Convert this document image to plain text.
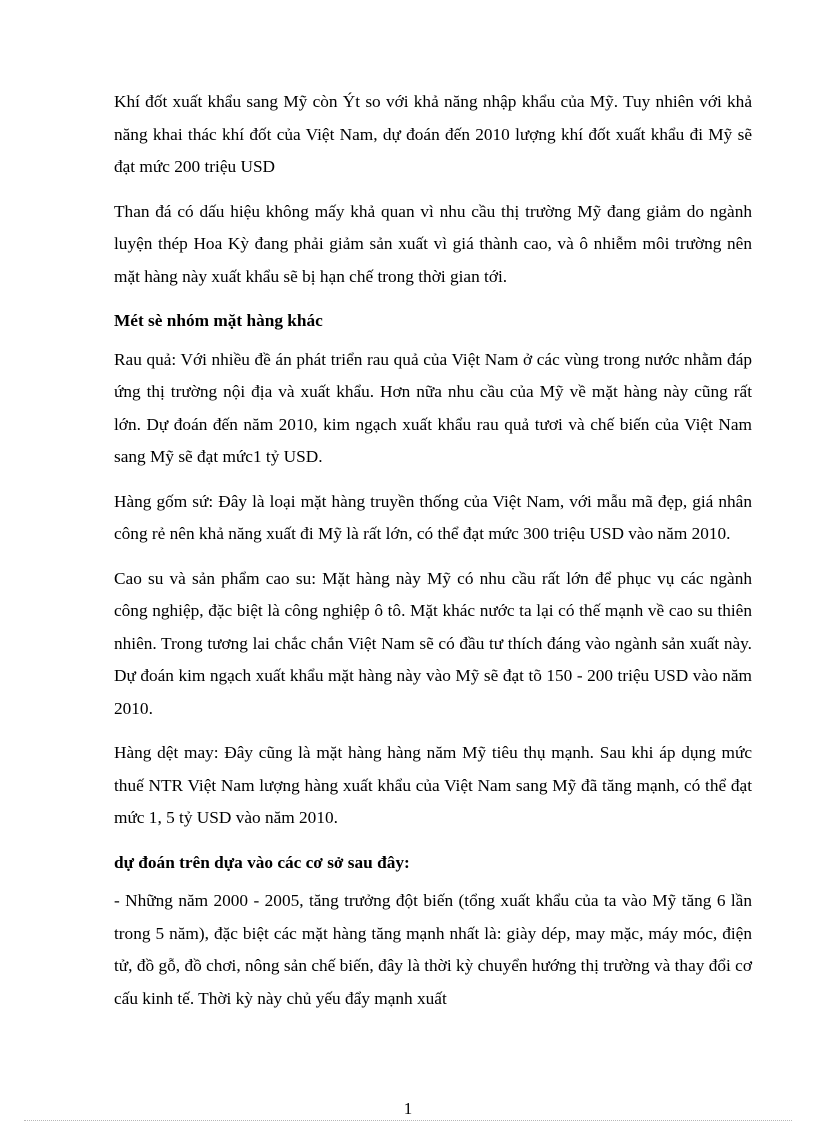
Khí đốt xuất khẩu sang Mỹ còn Ýt so với khả năng nhập khẩu của Mỹ. Tuy nhiên với khả năng khai thác khí đốt của Việt Nam, dự đoán đến 2010 lượng khí đốt xuất khẩu đi Mỹ sẽ đạt mức 200 triệu USD

Than đá có dấu hiệu không mấy khả quan vì nhu cầu thị trường Mỹ đang giảm do ngành luyện thép Hoa Kỳ đang phải giảm sản xuất vì giá thành cao, và ô nhiễm môi trường nên mặt hàng này xuất khẩu sẽ bị hạn chế trong thời gian tới.

Mét sè nhóm mặt hàng khác

Rau quả: Với nhiều đề án phát triển rau quả của Việt Nam ở các vùng trong nước nhằm đáp ứng thị trường nội địa và xuất khẩu. Hơn nữa nhu cầu của Mỹ về mặt hàng này cũng rất lớn. Dự đoán đến năm 2010, kim ngạch xuất khẩu rau quả tươi và chế biến của Việt Nam sang Mỹ sẽ đạt mức1 tỷ USD.

Hàng gốm sứ: Đây là loại mặt hàng truyền thống của Việt Nam, với mẫu mã đẹp, giá nhân công rẻ nên khả năng xuất đi Mỹ là rất lớn, có thể đạt mức 300 triệu USD vào năm 2010.

Cao su và sản phẩm cao su: Mặt hàng này Mỹ có nhu cầu rất lớn để phục vụ các ngành công nghiệp, đặc biệt là công nghiệp ô tô. Mặt khác nước ta lại có thế mạnh về cao su thiên nhiên. Trong tương lai chắc chắn Việt Nam sẽ có đầu tư thích đáng vào ngành sản xuất này. Dự đoán kim ngạch xuất khẩu mặt hàng này vào Mỹ sẽ đạt tõ 150 - 200 triệu USD vào năm 2010.

Hàng dệt may: Đây cũng là mặt hàng hàng năm Mỹ tiêu thụ mạnh. Sau khi áp dụng mức thuế NTR Việt Nam lượng hàng xuất khẩu của Việt Nam sang Mỹ đã tăng mạnh, có thể đạt mức 1, 5 tỷ USD vào năm 2010.

dự đoán trên dựa vào các cơ sở sau đây:

- Những năm 2000 - 2005, tăng trưởng đột biến (tổng xuất khẩu của ta vào Mỹ tăng 6 lần trong 5 năm), đặc biệt các mặt hàng tăng mạnh nhất là: giày dép, may mặc, máy móc, điện tử, đồ gỗ, đồ chơi, nông sản chế biến, đây là thời kỳ chuyển hướng thị trường và thay đổi cơ cấu kinh tế. Thời kỳ này chủ yếu đẩy mạnh xuất

1
